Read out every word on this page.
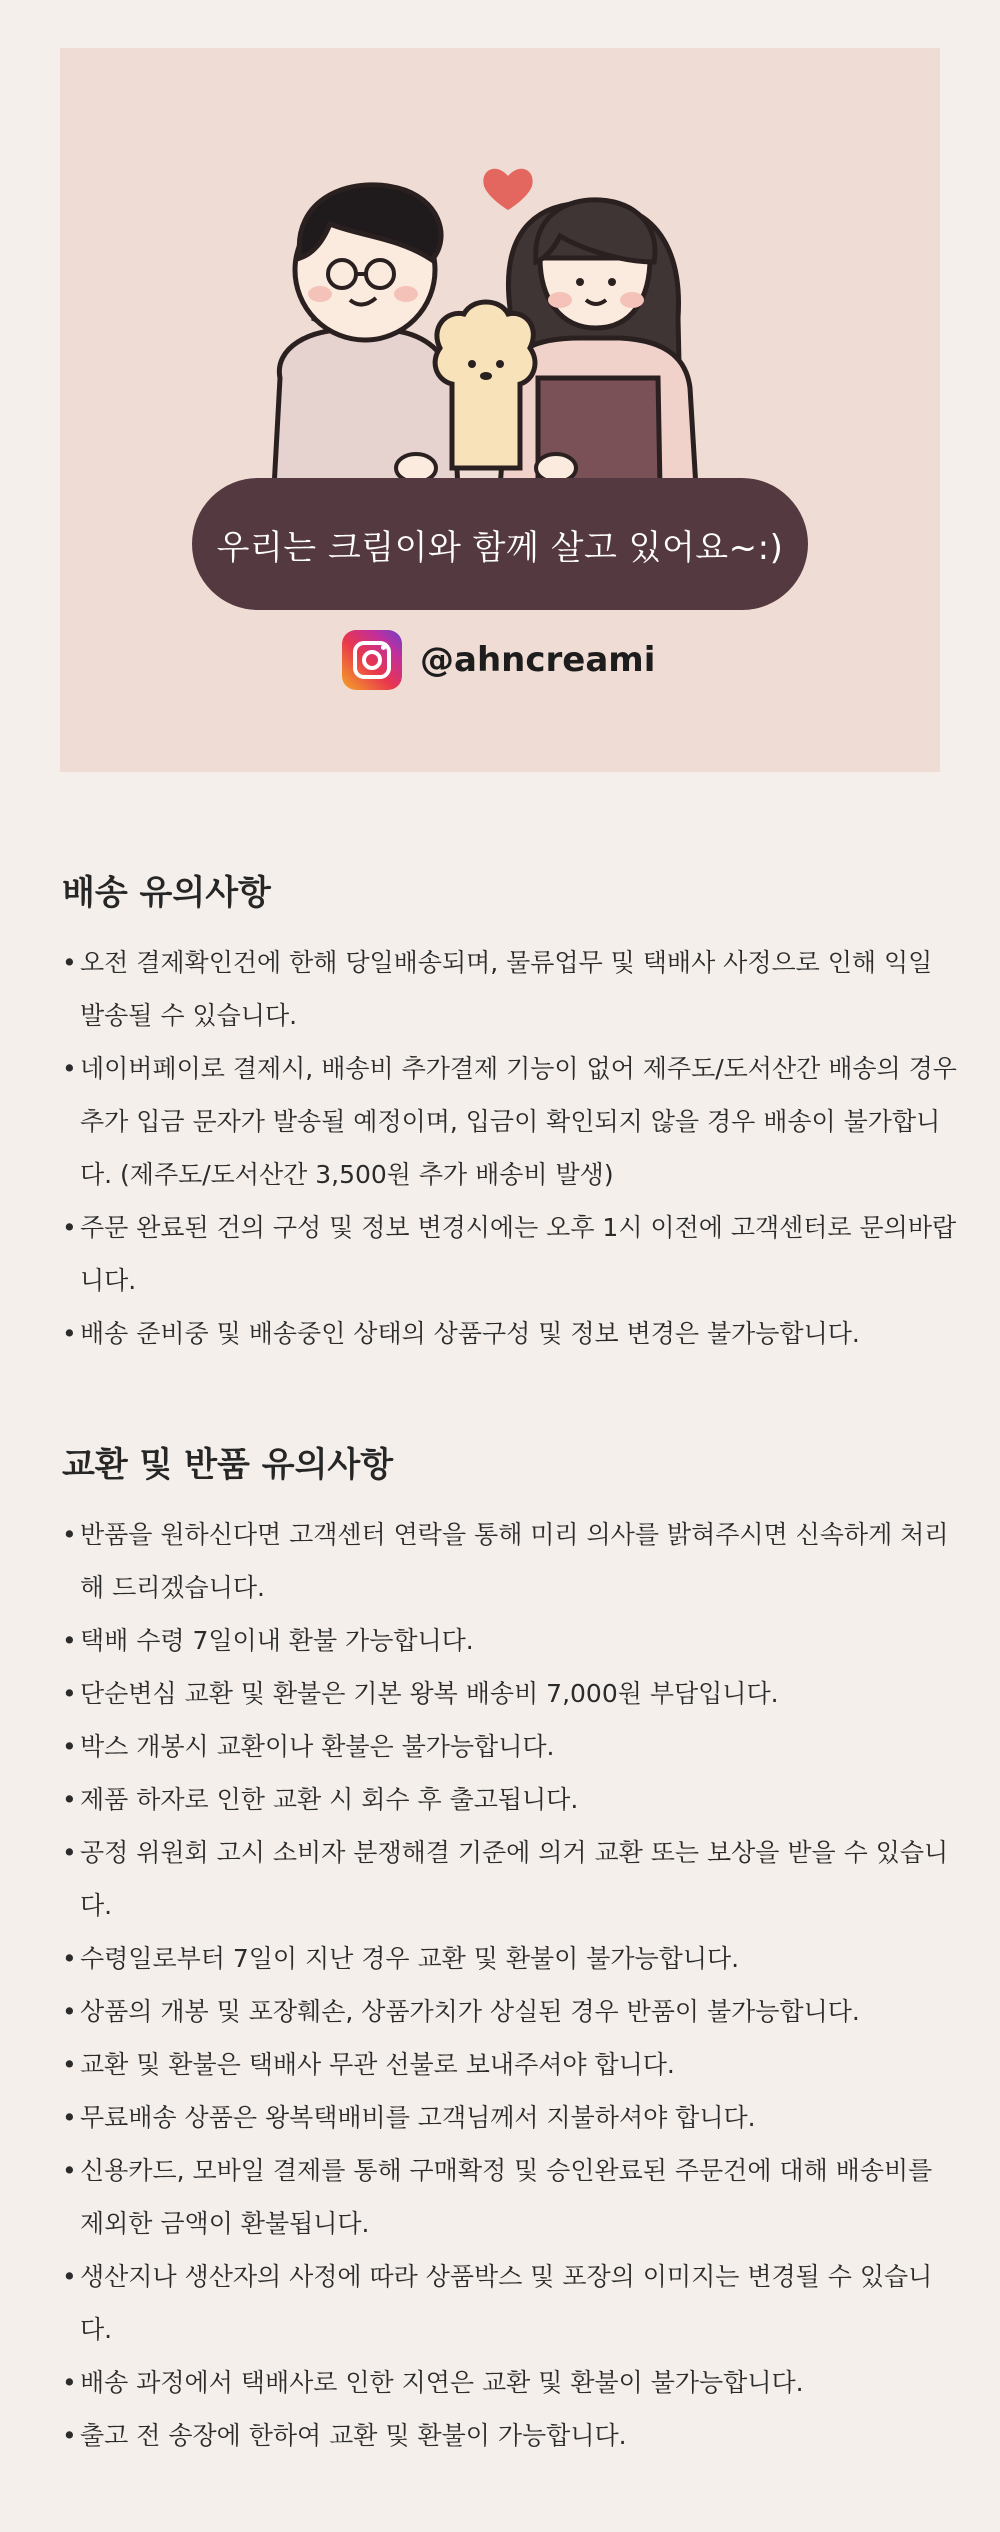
우리는 크림이와 함께 살고 있어요~:)
@ahncreami
배송 유의사항
• 오전 결제확인건에 한해 당일배송되며, 물류업무 및 택배사 사정으로 인해 익일 발송될 수 있습니다.
• 네이버페이로 결제시, 배송비 추가결제 기능이 없어 제주도/도서산간 배송의 경우 추가 입금 문자가 발송될 예정이며, 입금이 확인되지 않을 경우 배송이 불가합니다. (제주도/도서산간 3,500원 추가 배송비 발생)
• 주문 완료된 건의 구성 및 정보 변경시에는 오후 1시 이전에 고객센터로 문의바랍니다.
• 배송 준비중 및 배송중인 상태의 상품구성 및 정보 변경은 불가능합니다.
교환 및 반품 유의사항
• 반품을 원하신다면 고객센터 연락을 통해 미리 의사를 밝혀주시면 신속하게 처리해 드리겠습니다.
• 택배 수령 7일이내 환불 가능합니다.
• 단순변심 교환 및 환불은 기본 왕복 배송비 7,000원 부담입니다.
• 박스 개봉시 교환이나 환불은 불가능합니다.
• 제품 하자로 인한 교환 시 회수 후 출고됩니다.
• 공정 위원회 고시 소비자 분쟁해결 기준에 의거 교환 또는 보상을 받을 수 있습니다.
• 수령일로부터 7일이 지난 경우 교환 및 환불이 불가능합니다.
• 상품의 개봉 및 포장훼손, 상품가치가 상실된 경우 반품이 불가능합니다.
• 교환 및 환불은 택배사 무관 선불로 보내주셔야 합니다.
• 무료배송 상품은 왕복택배비를 고객님께서 지불하셔야 합니다.
• 신용카드, 모바일 결제를 통해 구매확정 및 승인완료된 주문건에 대해 배송비를 제외한 금액이 환불됩니다.
• 생산지나 생산자의 사정에 따라 상품박스 및 포장의 이미지는 변경될 수 있습니다.
• 배송 과정에서 택배사로 인한 지연은 교환 및 환불이 불가능합니다.
• 출고 전 송장에 한하여 교환 및 환불이 가능합니다.
